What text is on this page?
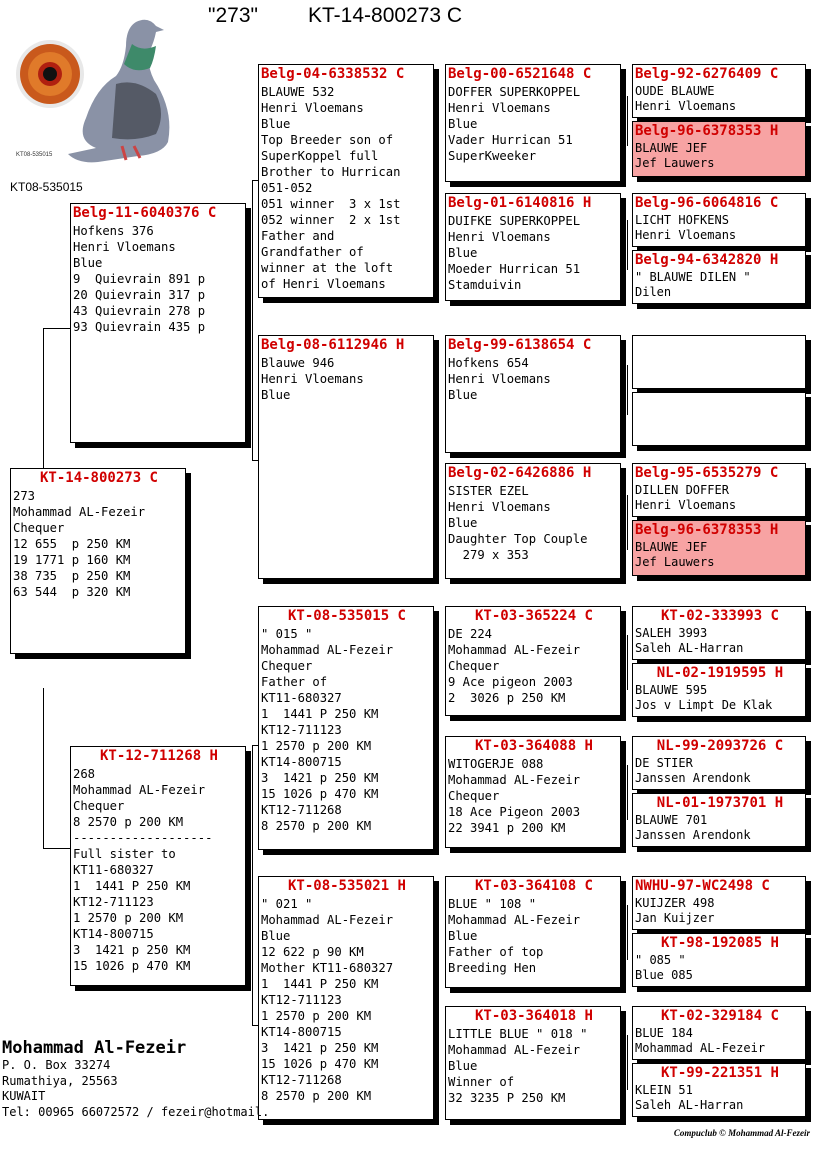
"273" KT-14-800273 C
KT08-535015
KT08-535015
KT-14-800273 C
273
Mohammad AL-Fezeir
Chequer
12 655  p 250 KM
19 1771 p 160 KM
38 735  p 250 KM
63 544  p 320 KM
Belg-11-6040376 C
Hofkens 376
Henri Vloemans
Blue
9  Quievrain 891 p
20 Quievrain 317 p
43 Quievrain 278 p
93 Quievrain 435 p
KT-12-711268 H
268
Mohammad AL-Fezeir
Chequer
8 2570 p 200 KM
-------------------
Full sister to
KT11-680327
1  1441 P 250 KM
KT12-711123
1 2570 p 200 KM
KT14-800715
3  1421 p 250 KM
15 1026 p 470 KM
Belg-04-6338532 C
BLAUWE 532
Henri Vloemans
Blue
Top Breeder son of
SuperKoppel full
Brother to Hurrican
051-052
051 winner  3 x 1st
052 winner  2 x 1st
Father and
Grandfather of
winner at the loft
of Henri Vloemans
Belg-08-6112946 H
Blauwe 946
Henri Vloemans
Blue
KT-08-535015 C
" 015 "
Mohammad AL-Fezeir
Chequer
Father of
KT11-680327
1  1441 P 250 KM
KT12-711123
1 2570 p 200 KM
KT14-800715
3  1421 p 250 KM
15 1026 p 470 KM
KT12-711268
8 2570 p 200 KM
KT-08-535021 H
" 021 "
Mohammad AL-Fezeir
Blue
12 622 p 90 KM
Mother KT11-680327
1  1441 P 250 KM
KT12-711123
1 2570 p 200 KM
KT14-800715
3  1421 p 250 KM
15 1026 p 470 KM
KT12-711268
8 2570 p 200 KM
Belg-00-6521648 C
DOFFER SUPERKOPPEL
Henri Vloemans
Blue
Vader Hurrican 51
SuperKweeker
Belg-01-6140816 H
DUIFKE SUPERKOPPEL
Henri Vloemans
Blue
Moeder Hurrican 51
Stamduivin
Belg-99-6138654 C
Hofkens 654
Henri Vloemans
Blue
Belg-02-6426886 H
SISTER EZEL
Henri Vloemans
Blue
Daughter Top Couple
279 x 353
KT-03-365224 C
DE 224
Mohammad AL-Fezeir
Chequer
9 Ace pigeon 2003
2  3026 p 250 KM
KT-03-364088 H
WITOGERJE 088
Mohammad AL-Fezeir
Chequer
18 Ace Pigeon 2003
22 3941 p 200 KM
KT-03-364108 C
BLUE " 108 "
Mohammad AL-Fezeir
Blue
Father of top
Breeding Hen
KT-03-364018 H
LITTLE BLUE " 018 "
Mohammad AL-Fezeir
Blue
Winner of
32 3235 P 250 KM
Belg-92-6276409 C
OUDE BLAUWE
Henri Vloemans
Belg-96-6378353 H
BLAUWE JEF
Jef Lauwers
Belg-96-6064816 C
LICHT HOFKENS
Henri Vloemans
Belg-94-6342820 H
" BLAUWE DILEN "
Dilen
Belg-95-6535279 C
DILLEN DOFFER
Henri Vloemans
Belg-96-6378353 H
BLAUWE JEF
Jef Lauwers
KT-02-333993 C
SALEH 3993
Saleh AL-Harran
NL-02-1919595 H
BLAUWE 595
Jos v Limpt De Klak
NL-99-2093726 C
DE STIER
Janssen Arendonk
NL-01-1973701 H
BLAUWE 701
Janssen Arendonk
NWHU-97-WC2498 C
KUIJZER 498
Jan Kuijzer
KT-98-192085 H
" 085 "
Blue 085
KT-02-329184 C
BLUE 184
Mohammad AL-Fezeir
KT-99-221351 H
KLEIN 51
Saleh AL-Harran
Mohammad Al-Fezeir
P. O. Box 33274
Rumathiya, 25563
KUWAIT
Tel: 00965 66072572 / fezeir@hotmail.
Compuclub © Mohammad Al-Fezeir
